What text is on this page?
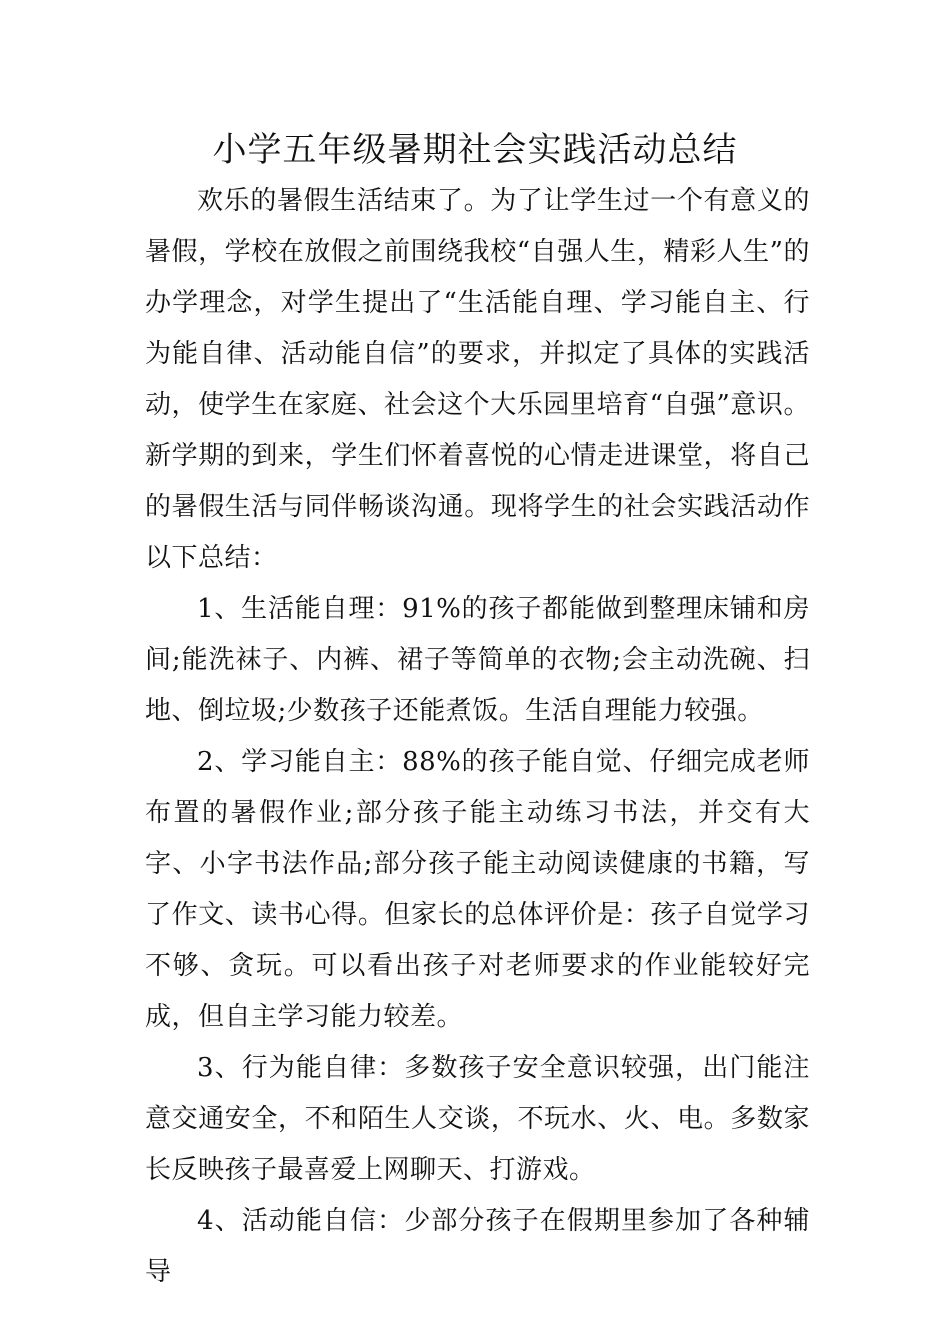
小学五年级暑期社会实践活动总结

欢乐的暑假生活结束了。为了让学生过一个有意义的暑假，学校在放假之前围绕我校“自强人生，精彩人生”的办学理念，对学生提出了“生活能自理、学习能自主、行为能自律、活动能自信”的要求，并拟定了具体的实践活动，使学生在家庭、社会这个大乐园里培育“自强”意识。新学期的到来，学生们怀着喜悦的心情走进课堂，将自己的暑假生活与同伴畅谈沟通。现将学生的社会实践活动作以下总结：

1、生活能自理：91%的孩子都能做到整理床铺和房间;能洗袜子、内裤、裙子等简单的衣物;会主动洗碗、扫地、倒垃圾;少数孩子还能煮饭。生活自理能力较强。

2、学习能自主：88%的孩子能自觉、仔细完成老师布置的暑假作业;部分孩子能主动练习书法，并交有大字、小字书法作品;部分孩子能主动阅读健康的书籍，写了作文、读书心得。但家长的总体评价是：孩子自觉学习不够、贪玩。可以看出孩子对老师要求的作业能较好完成，但自主学习能力较差。

3、行为能自律：多数孩子安全意识较强，出门能注意交通安全，不和陌生人交谈，不玩水、火、电。多数家长反映孩子最喜爱上网聊天、打游戏。

4、活动能自信：少部分孩子在假期里参加了各种辅导
